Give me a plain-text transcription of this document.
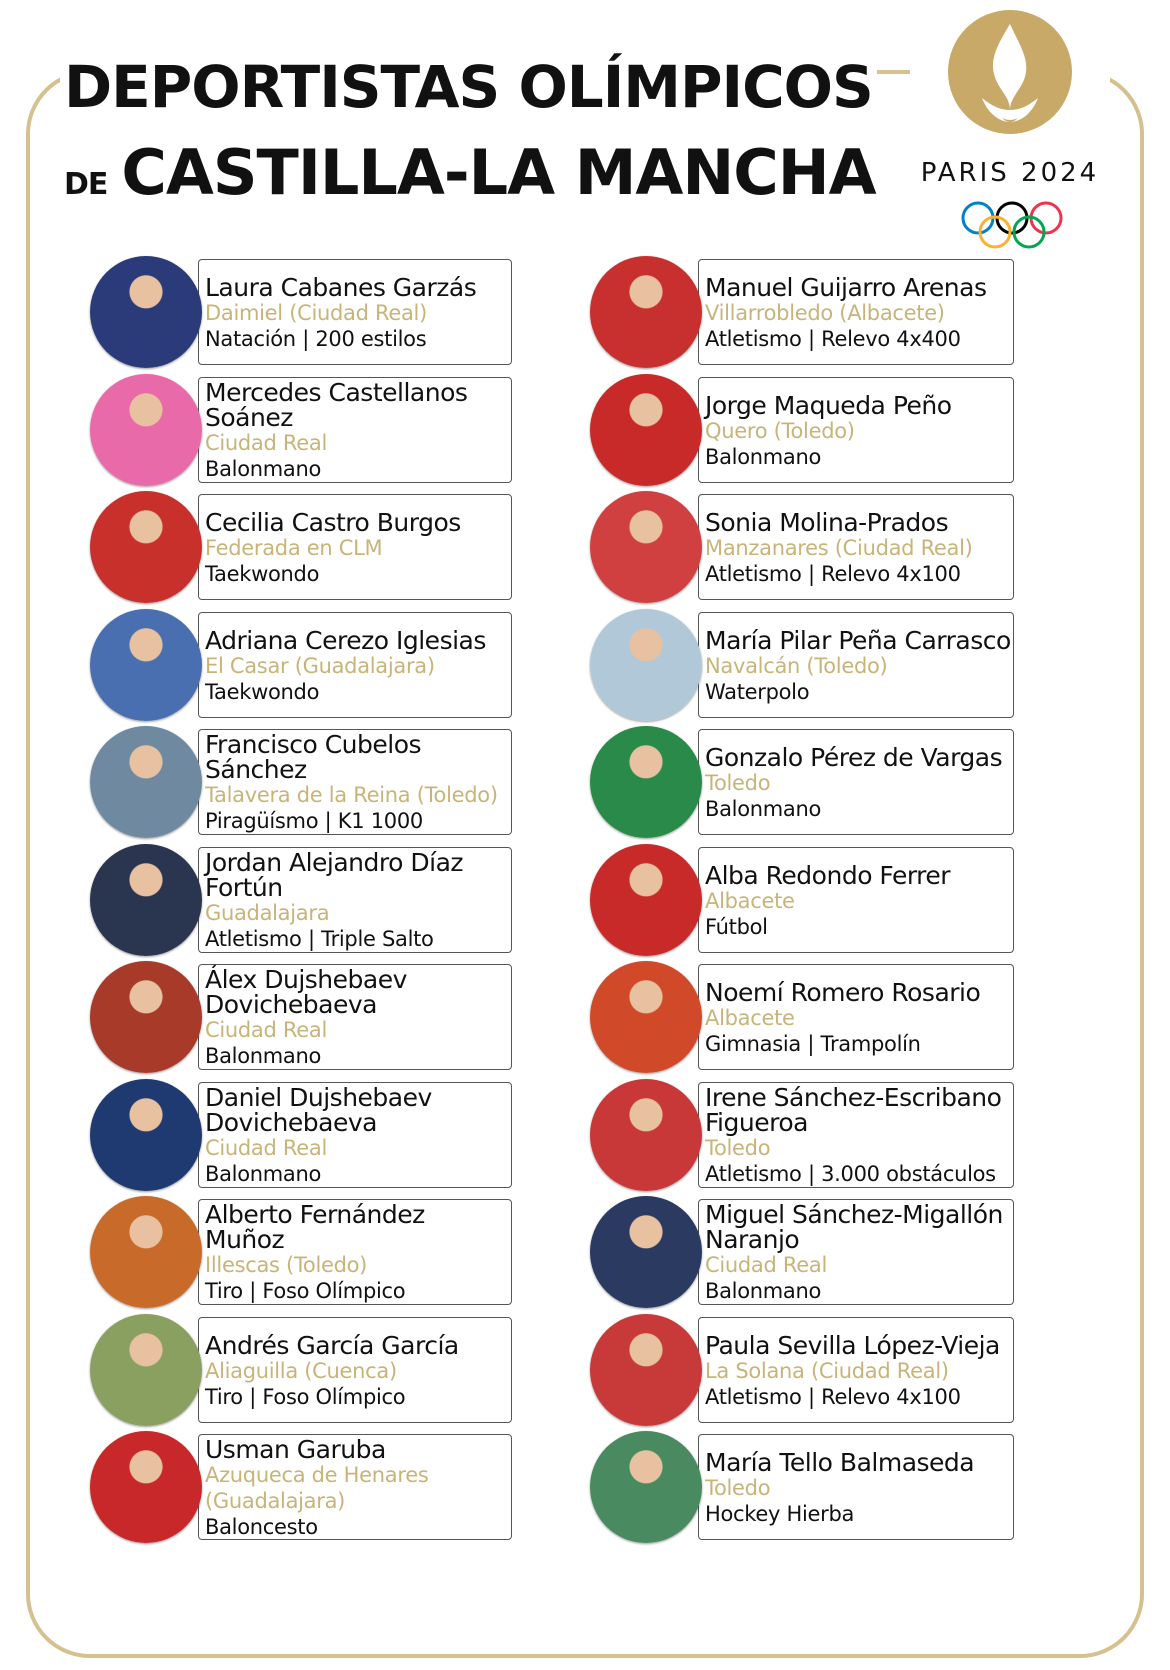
DEPORTISTAS OLÍMPICOS
DE CASTILLA-LA MANCHA	PARIS 2024
Laura Cabanes Garzás
Daimiel (Ciudad Real)
Natación | 200 estilos
Mercedes Castellanos Soánez
Ciudad Real
Balonmano
Cecilia Castro Burgos
Federada en CLM
Taekwondo
Adriana Cerezo Iglesias
El Casar (Guadalajara)
Taekwondo
Francisco Cubelos Sánchez
Talavera de la Reina (Toledo)
Piragüísmo | K1 1000
Jordan Alejandro Díaz Fortún
Guadalajara
Atletismo | Triple Salto
Álex Dujshebaev Dovichebaeva
Ciudad Real
Balonmano
Daniel Dujshebaev Dovichebaeva
Ciudad Real
Balonmano
Alberto Fernández Muñoz
Illescas (Toledo)
Tiro | Foso Olímpico
Andrés García García
Aliaguilla (Cuenca)
Tiro | Foso Olímpico
Usman Garuba
Azuqueca de Henares (Guadalajara)
Baloncesto
Manuel Guijarro Arenas
Villarrobledo (Albacete)
Atletismo | Relevo 4x400
Jorge Maqueda Peño
Quero (Toledo)
Balonmano
Sonia Molina-Prados
Manzanares (Ciudad Real)
Atletismo | Relevo 4x100
María Pilar Peña Carrasco
Navalcán (Toledo)
Waterpolo
Gonzalo Pérez de Vargas
Toledo
Balonmano
Alba Redondo Ferrer
Albacete
Fútbol
Noemí Romero Rosario
Albacete
Gimnasia | Trampolín
Irene Sánchez-Escribano Figueroa
Toledo
Atletismo | 3.000 obstáculos
Miguel Sánchez-Migallón Naranjo
Ciudad Real
Balonmano
Paula Sevilla López-Vieja
La Solana (Ciudad Real)
Atletismo | Relevo 4x100
María Tello Balmaseda
Toledo
Hockey Hierba
